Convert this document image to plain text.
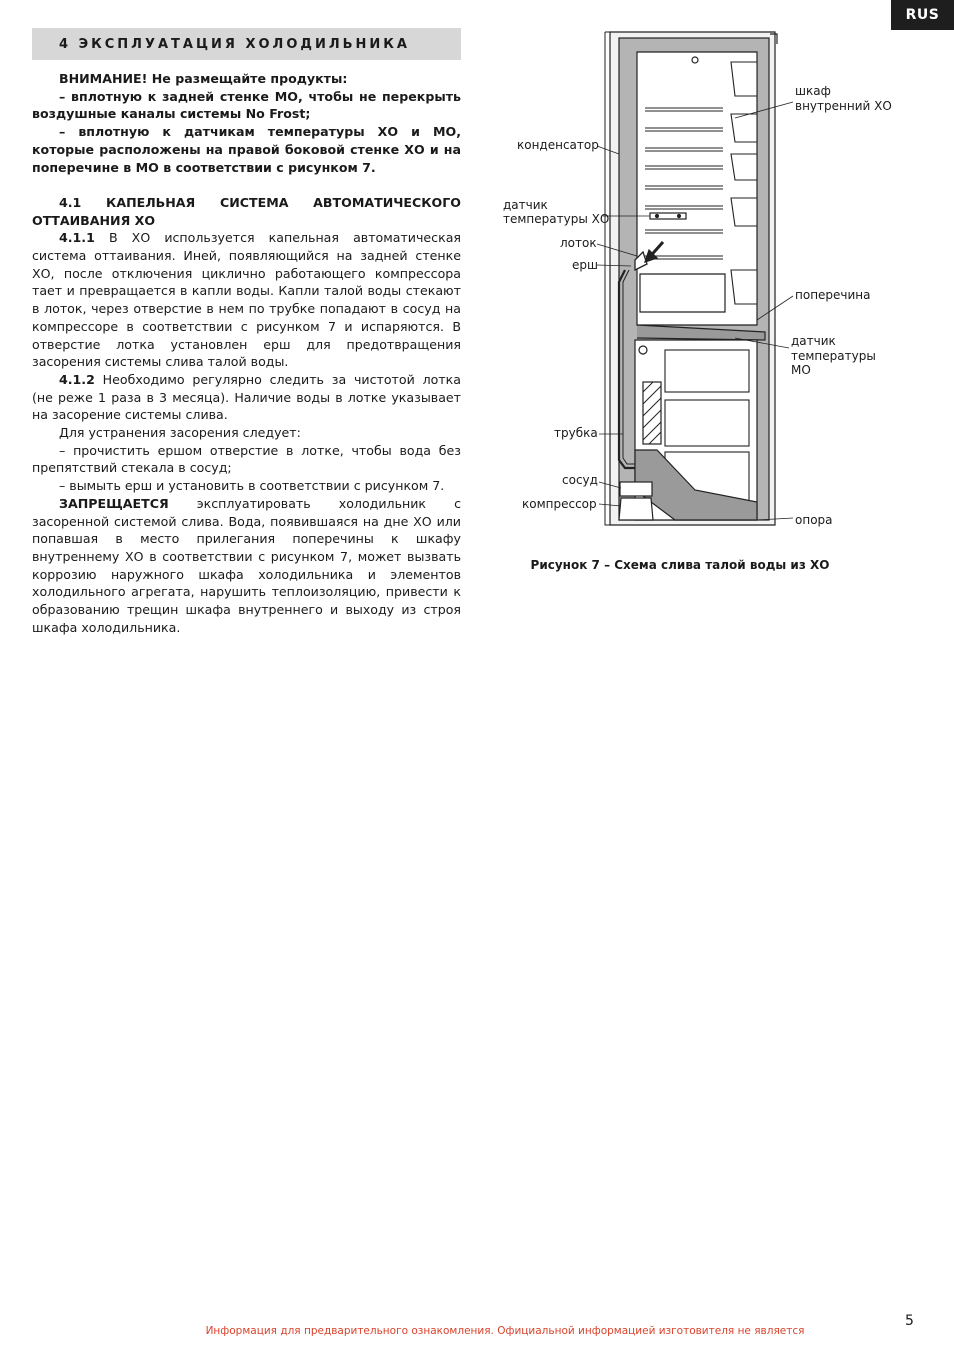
RUS
4 ЭКСПЛУАТАЦИЯ ХОЛОДИЛЬНИКА

ВНИМАНИЕ! Не размещайте продукты:

– вплотную к задней стенке МО, чтобы не перекрыть воздушные каналы системы No Frost;

– вплотную к датчикам температуры ХО и МО, которые расположены на правой боковой стенке ХО и на поперечине в МО в соответствии с рисунком 7.

4.1 КАПЕЛЬНАЯ СИСТЕМА АВТОМАТИЧЕСКОГО ОТТАИВАНИЯ ХО

4.1.1 В ХО используется капельная автоматическая система оттаивания. Иней, появляющийся на задней стенке ХО, после отключения циклично работающего компрессора тает и превращается в капли воды. Капли талой воды стекают в лоток, через отверстие в нем по трубке попадают в сосуд на компрессоре в соответствии с рисунком 7 и испаряются. В отверстие лотка установлен ерш для предотвращения засорения системы слива талой воды.

4.1.2 Необходимо регулярно следить за чистотой лотка (не реже 1 раза в 3 месяца). Наличие воды в лотке указывает на засорение системы слива.

Для устранения засорения следует:

– прочистить ершом отверстие в лотке, чтобы вода без препятствий стекала в сосуд;

– вымыть ерш и установить в соответствии с рисунком 7.

ЗАПРЕЩАЕТСЯ эксплуатировать холодильник с засоренной системой слива. Вода, появившаяся на дне ХО или попавшая в место прилегания поперечины к шкафу внутреннему ХО в соответствии с рисунком 7, может вызвать коррозию наружного шкафа холодильника и элементов холодильного агрегата, нарушить теплоизоляцию, привести к образованию трещин шкафа внутреннего и выходу из строя шкафа холодильника.

конденсатор
датчик
температуры ХО
лоток
ерш
шкаф
внутренний ХО
поперечина
датчик
температуры МО
трубка
сосуд
компрессор
опора
Рисунок 7 – Схема слива талой воды из ХО
5
Информация для предварительного ознакомления. Официальной информацией изготовителя не является
